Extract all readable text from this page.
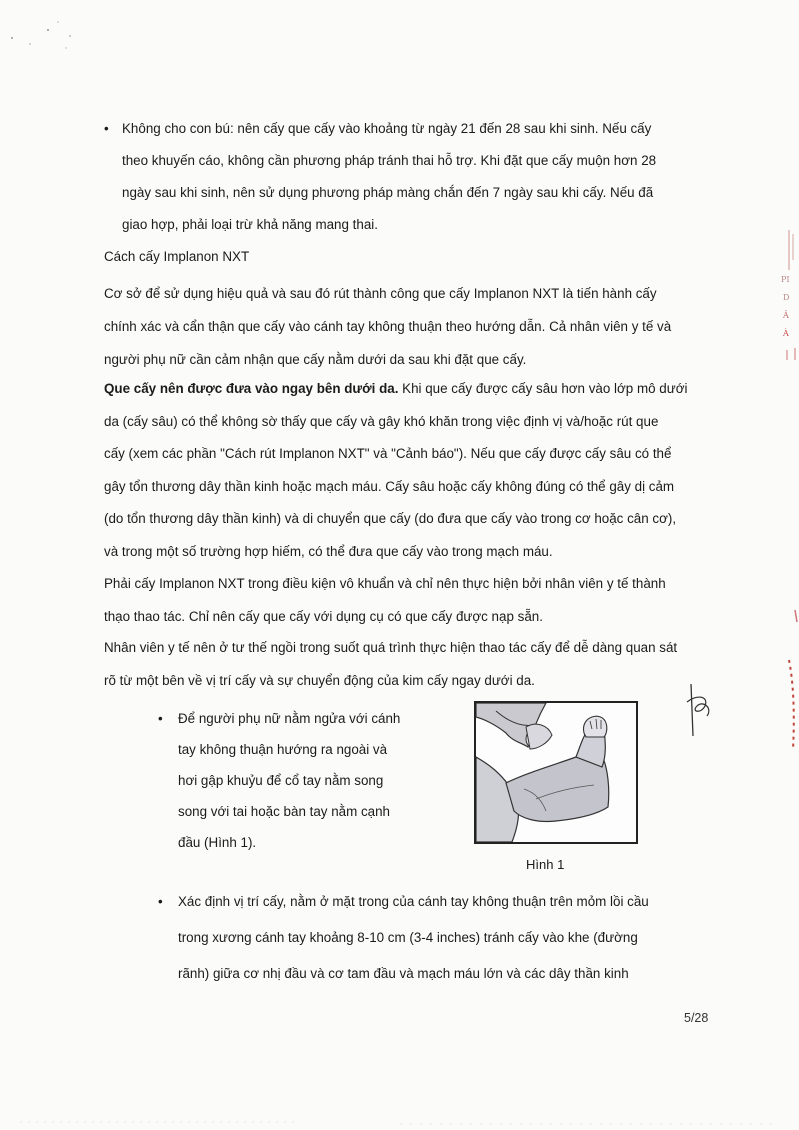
• Không cho con bú: nên cấy que cấy vào khoảng từ ngày 21 đến 28 sau khi sinh. Nếu cấy
theo khuyến cáo, không cần phương pháp tránh thai hỗ trợ. Khi đặt que cấy muộn hơn 28
ngày sau khi sinh, nên sử dụng phương pháp màng chắn đến 7 ngày sau khi cấy. Nếu đã
giao hợp, phải loại trừ khả năng mang thai.
Cách cấy Implanon NXT
Cơ sở để sử dụng hiệu quả và sau đó rút thành công que cấy Implanon NXT là tiến hành cấy
chính xác và cẩn thận que cấy vào cánh tay không thuận theo hướng dẫn. Cả nhân viên y tế và
người phụ nữ cần cảm nhận que cấy nằm dưới da sau khi đặt que cấy.
Que cấy nên được đưa vào ngay bên dưới da. Khi que cấy được cấy sâu hơn vào lớp mô dưới
da (cấy sâu) có thể không sờ thấy que cấy và gây khó khăn trong việc định vị và/hoặc rút que
cấy (xem các phần "Cách rút Implanon NXT" và "Cảnh báo"). Nếu que cấy được cấy sâu có thể
gây tổn thương dây thần kinh hoặc mạch máu. Cấy sâu hoặc cấy không đúng có thể gây dị cảm
(do tổn thương dây thần kinh) và di chuyển que cấy (do đưa que cấy vào trong cơ hoặc cân cơ),
và trong một số trường hợp hiếm, có thể đưa que cấy vào trong mạch máu.
Phải cấy Implanon NXT trong điều kiện vô khuẩn và chỉ nên thực hiện bởi nhân viên y tế thành
thạo thao tác. Chỉ nên cấy que cấy với dụng cụ có que cấy được nạp sẵn.
Nhân viên y tế nên ở tư thế ngồi trong suốt quá trình thực hiện thao tác cấy để dễ dàng quan sát
rõ từ một bên về vị trí cấy và sự chuyển động của kim cấy ngay dưới da.
• Để người phụ nữ nằm ngửa với cánh
tay không thuận hướng ra ngoài và
hơi gập khuỷu để cổ tay nằm song
song với tai hoặc bàn tay nằm cạnh
đầu (Hình 1).
Hình 1
• Xác định vị trí cấy, nằm ở mặt trong của cánh tay không thuận trên mỏm lồi cầu
trong xương cánh tay khoảng 8-10 cm (3-4 inches) tránh cấy vào khe (đường
rãnh) giữa cơ nhị đầu và cơ tam đầu và mạch máu lớn và các dây thần kinh
5/28
PI
D
Â
À
